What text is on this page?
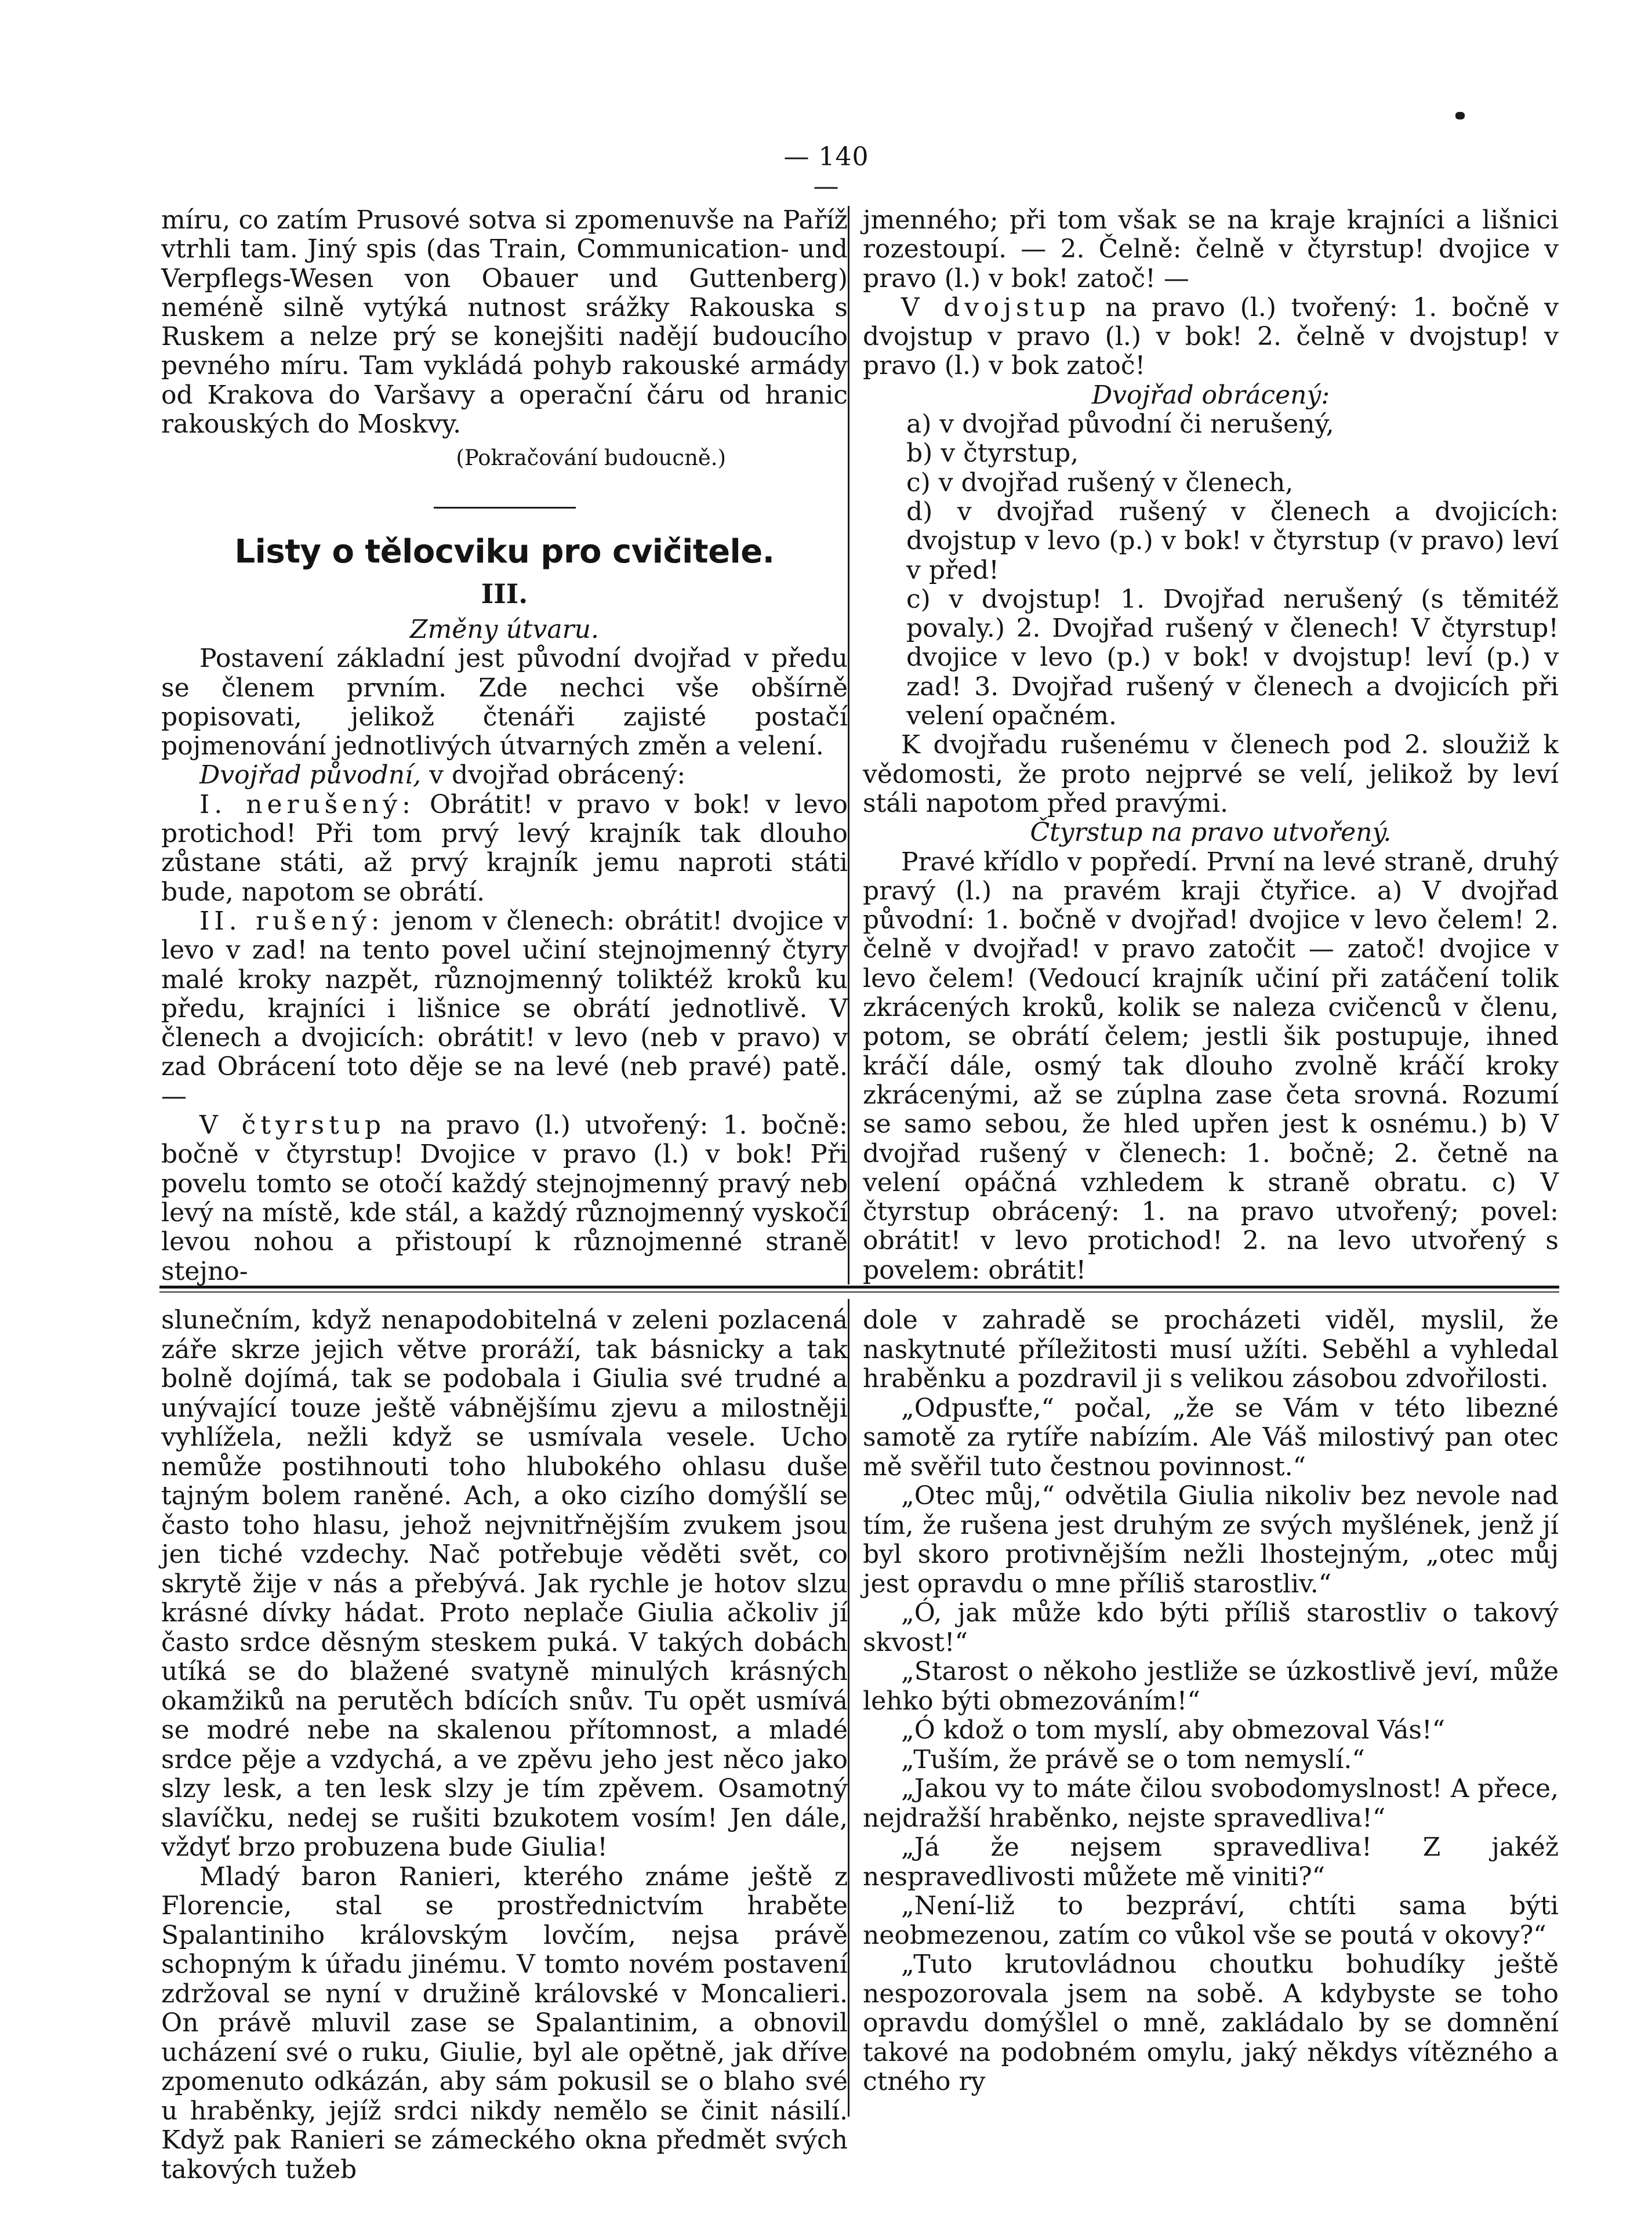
— 140 —

míru, co zatím Prusové sotva si zpomenuvše na Paříž vtrhli tam. Jiný spis (das Train, Communication- und Verpflegs-Wesen von Obauer und Guttenberg) neméně silně vytýká nutnost srážky Rakouska s Ruskem a nelze prý se konejšiti nadějí budoucího pevného míru. Tam vykládá pohyb rakouské armády od Krakova do Varšavy a operační čáru od hranic rakouských do Moskvy.

(Pokračování budoucně.)

Listy o tělocviku pro cvičitele.

III.

Změny útvaru.

Postavení základní jest původní dvojřad v předu se členem prvním. Zde nechci vše obšírně popisovati, jelikož čtenáři zajisté postačí pojmenování jednotlivých útvarných změn a velení.

Dvojřad původní, v dvojřad obrácený:

I. nerušený: Obrátit! v pravo v bok! v levo protichod! Při tom prvý levý krajník tak dlouho zůstane státi, až prvý krajník jemu naproti státi bude, napotom se obrátí.

II. rušený: jenom v členech: obrátit! dvojice v levo v zad! na tento povel učiní stejnojmenný čtyry malé kroky nazpět, různojmenný toliktéž kroků ku předu, krajníci i lišnice se obrátí jednotlivě. V členech a dvojicích: obrátit! v levo (neb v pravo) v zad Obrácení toto děje se na levé (neb pravé) patě. —

V čtyrstup na pravo (l.) utvořený: 1. bočně: bočně v čtyrstup! Dvojice v pravo (l.) v bok! Při povelu tomto se otočí každý stejnojmenný pravý neb levý na místě, kde stál, a každý různojmenný vyskočí levou nohou a přistoupí k různojmenné straně stejno-

jmenného; při tom však se na kraje krajníci a lišnici rozestoupí. — 2. Čelně: čelně v čtyrstup! dvojice v pravo (l.) v bok! zatoč! —

V dvojstup na pravo (l.) tvořený: 1. bočně v dvojstup v pravo (l.) v bok! 2. čelně v dvojstup! v pravo (l.) v bok zatoč!

Dvojřad obrácený:

a) v dvojřad původní či nerušený,

b) v čtyrstup,

c) v dvojřad rušený v členech,

d) v dvojřad rušený v členech a dvojicích: dvojstup v levo (p.) v bok! v čtyrstup (v pravo) leví v před!

c) v dvojstup! 1. Dvojřad nerušený (s těmitéž povaly.) 2. Dvojřad rušený v členech! V čtyrstup! dvojice v levo (p.) v bok! v dvojstup! leví (p.) v zad! 3. Dvojřad rušený v členech a dvojicích při velení opačném.

K dvojřadu rušenému v členech pod 2. sloužiž k vědomosti, že proto nejprvé se velí, jelikož by leví stáli napotom před pravými.

Čtyrstup na pravo utvořený.

Pravé křídlo v popředí. První na levé straně, druhý pravý (l.) na pravém kraji čtyřice. a) V dvojřad původní: 1. bočně v dvojřad! dvojice v levo čelem! 2. čelně v dvojřad! v pravo zatočit — zatoč! dvojice v levo čelem! (Vedoucí krajník učiní při zatáčení tolik zkrácených kroků, kolik se naleza cvičenců v členu, potom, se obrátí čelem; jestli šik postupuje, ihned kráčí dále, osmý tak dlouho zvolně kráčí kroky zkrácenými, až se zúplna zase četa srovná. Rozumí se samo sebou, že hled upřen jest k osnému.) b) V dvojřad rušený v členech: 1. bočně; 2. četně na velení opáčná vzhledem k straně obratu. c) V čtyrstup obrácený: 1. na pravo utvořený; povel: obrátit! v levo protichod! 2. na levo utvořený s povelem: obrátit!

slunečním, když nenapodobitelná v zeleni pozlacená záře skrze jejich větve proráží, tak básnicky a tak bolně dojímá, tak se podobala i Giulia své trudné a unývající touze ještě vábnějšímu zjevu a milostněji vyhlížela, nežli když se usmívala vesele. Ucho nemůže postihnouti toho hlubokého ohlasu duše tajným bolem raněné. Ach, a oko cizího domýšlí se často toho hlasu, jehož nejvnitřnějším zvukem jsou jen tiché vzdechy. Nač potřebuje věděti svět, co skrytě žije v nás a přebývá. Jak rychle je hotov slzu krásné dívky hádat. Proto neplače Giulia ačkoliv jí často srdce děsným steskem puká. V takých dobách utíká se do blažené svatyně minulých krásných okamžiků na perutěch bdících snův. Tu opět usmívá se modré nebe na skalenou přítomnost, a mladé srdce pěje a vzdychá, a ve zpěvu jeho jest něco jako slzy lesk, a ten lesk slzy je tím zpěvem. Osamotný slavíčku, nedej se rušiti bzukotem vosím! Jen dále, vždyť brzo probuzena bude Giulia!

Mladý baron Ranieri, kterého známe ještě z Florencie, stal se prostřednictvím hraběte Spalantiniho královským lovčím, nejsa právě schopným k úřadu jinému. V tomto novém postavení zdržoval se nyní v družině královské v Moncalieri. On právě mluvil zase se Spalantinim, a obnovil ucházení své o ruku, Giulie, byl ale opětně, jak dříve zpomenuto odkázán, aby sám pokusil se o blaho své u hraběnky, jejíž srdci nikdy nemělo se činit násilí. Když pak Ranieri se zámeckého okna předmět svých takových tužeb

dole v zahradě se procházeti viděl, myslil, že naskytnuté příležitosti musí užíti. Seběhl a vyhledal hraběnku a pozdravil ji s velikou zásobou zdvořilosti.

„Odpusťte,“ počal, „že se Vám v této libezné samotě za rytíře nabízím. Ale Váš milostivý pan otec mě svěřil tuto čestnou povinnost.“

„Otec můj,“ odvětila Giulia nikoliv bez nevole nad tím, že rušena jest druhým ze svých myšlének, jenž jí byl skoro protivnějším nežli lhostejným, „otec můj jest opravdu o mne příliš starostliv.“

„Ó, jak může kdo býti příliš starostliv o takový skvost!“

„Starost o někoho jestliže se úzkostlivě jeví, může lehko býti obmezováním!“

„Ó kdož o tom myslí, aby obmezoval Vás!“

„Tuším, že právě se o tom nemyslí.“

„Jakou vy to máte čilou svobodomyslnost! A přece, nejdražší hraběnko, nejste spravedliva!“

„Já že nejsem spravedliva! Z jakéž nespravedlivosti můžete mě viniti?“

„Není-liž to bezpráví, chtíti sama býti neobmezenou, zatím co vůkol vše se poutá v okovy?“

„Tuto krutovládnou choutku bohudíky ještě nespozorovala jsem na sobě. A kdybyste se toho opravdu domýšlel o mně, zakládalo by se domnění takové na podobném omylu, jaký někdys vítězného a ctného ry
